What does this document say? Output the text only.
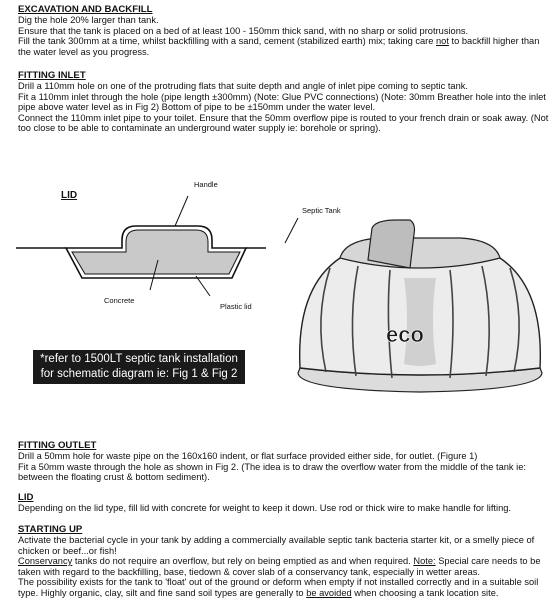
EXCAVATION AND BACKFILL
Dig the hole 20% larger than tank.
Ensure that the tank is placed on a bed of at least 100 - 150mm thick sand, with no sharp or solid protrusions.
Fill the tank 300mm at a time, whilst backfilling with a sand, cement (stabilized earth) mix; taking care not to backfill higher than the water level as you progress.
FITTING INLET
Drill a 110mm hole on one of the protruding flats that suite depth and angle of inlet pipe coming to septic tank.
Fit a 110mm inlet through the hole (pipe length ±300mm) (Note: Glue PVC connections) (Note: 30mm Breather hole into the inlet pipe above water level as in Fig 2) Bottom of pipe to be ±150mm under the water level.
Connect the 110mm inlet pipe to your toilet. Ensure that the 50mm overflow pipe is routed to your french drain or soak away. (Not too close to be able to contaminate an underground water supply ie: borehole or spring).
eco
Handle
Concrete
Plastic lid
Septic Tank
LID
*refer to 1500LT septic tank installation
for schematic diagram ie: Fig 1 & Fig 2
FITTING OUTLET
Drill a 50mm hole for waste pipe on the 160x160 indent, or flat surface provided either side, for outlet. (Figure 1)
Fit a 50mm waste through the hole as shown in Fig 2. (The idea is to draw the overflow water from the middle of the tank ie: between the floating crust & bottom sediment).
LID
Depending on the lid type, fill lid with concrete for weight to keep it down. Use rod or thick wire to make handle for lifting.
STARTING UP
Activate the bacterial cycle in your tank by adding a commercially available septic tank bacteria starter kit, or a smelly piece of chicken or beef...or fish!
Conservancy tanks do not require an overflow, but rely on being emptied as and when required. Note: Special care needs to be taken with regard to the backfilling, base, tiedown & cover slab of a conservancy tank, especially in wetter areas.
The possibility exists for the tank to 'float' out of the ground or deform when empty if not installed correctly and in a suitable soil type. Highly organic, clay, silt and fine sand soil types are generally to be avoided when choosing a tank location site.
